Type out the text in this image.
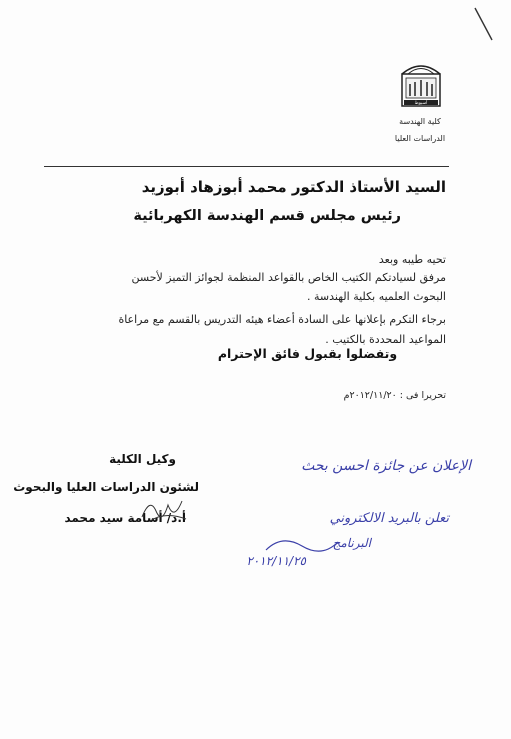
أسيوط
كلية الهندسة
الدراسات العليا
السيد الأستاذ الدكتور محمد أبوزهاد أبوزيد
رئيس مجلس قسم الهندسة الكهربائية
تحيه طيبه وبعد
مرفق لسيادتكم الكتيب الخاص بالقواعد المنظمة لجوائز التميز لأحسن
البحوث العلميه بكلية الهندسة .
برجاء التكرم بإعلانها على السادة أعضاء هيئه التدريس بالقسم مع مراعاة
المواعيد المحددة بالكتيب .
وتفضلوا بقبول فائق الإحترام
تحريرا فى : ٢٠١٢/١١/٢٠م
وكيل الكلية
لشئون الدراسات العليا والبحوث
أ.د/ أسامة سيد محمد
الإعلان عن جائزة احسن بحث
تعلن بالبريد الالكتروني
البرنامج
٢٠١٢/١١/٢٥
